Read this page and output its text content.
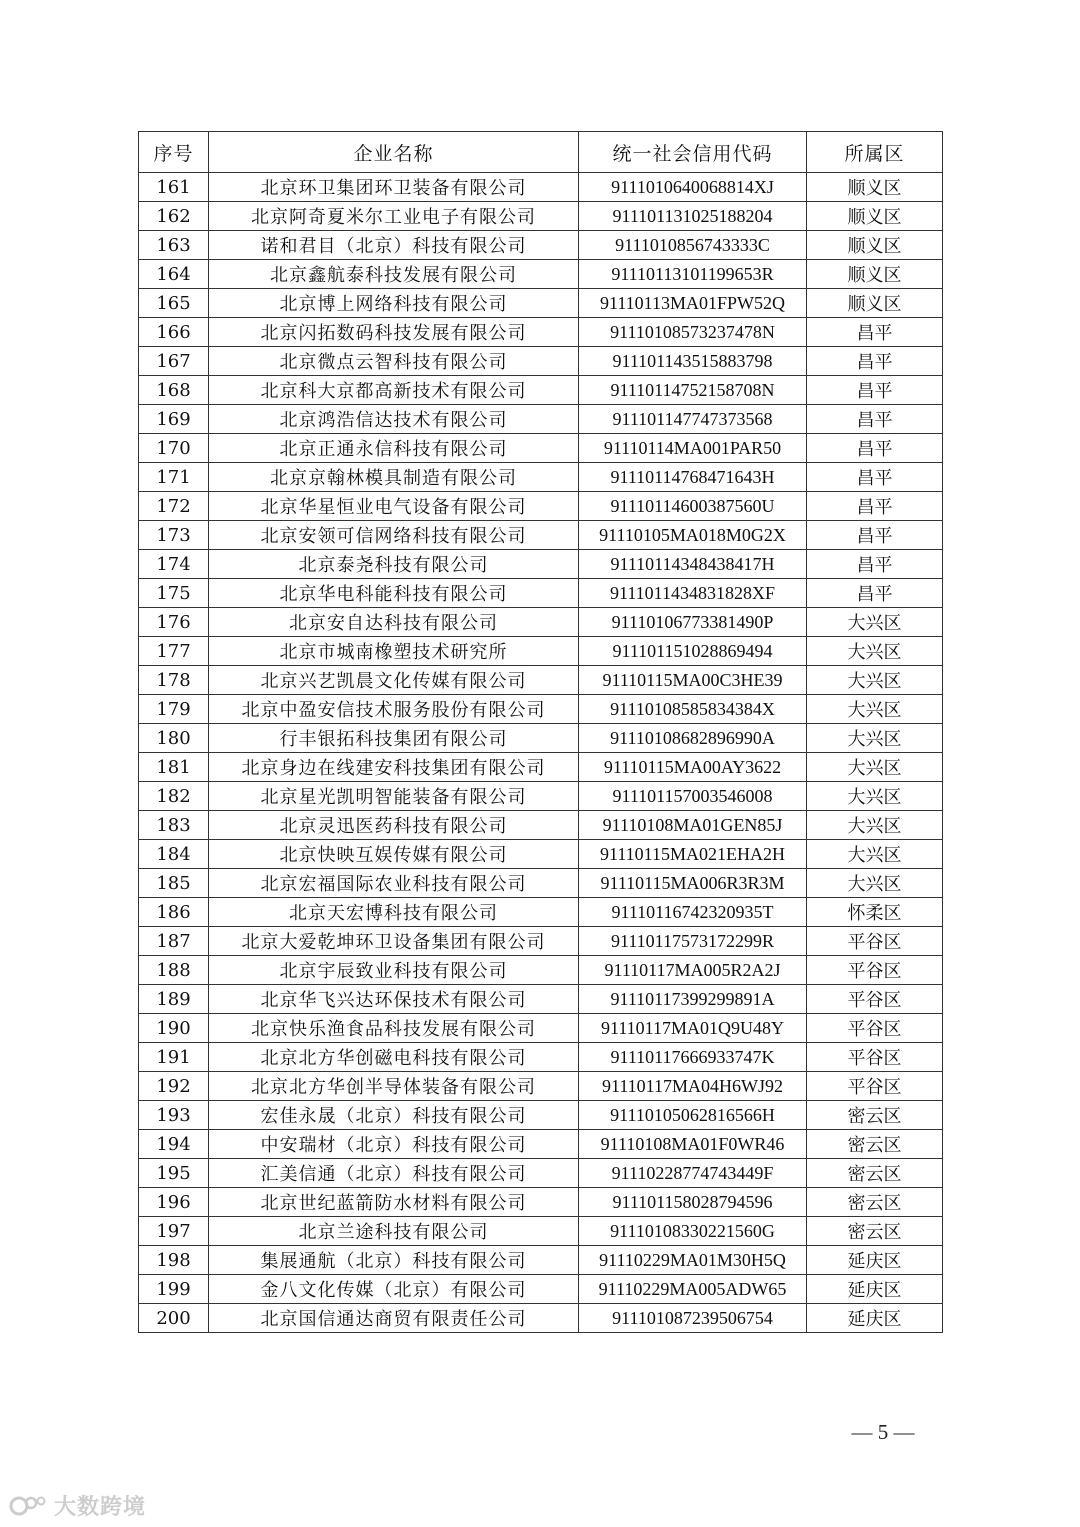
序号	企业名称	统一社会信用代码	所属区
161	北京环卫集团环卫装备有限公司	9111010640068814XJ	顺义区
162	北京阿奇夏米尔工业电子有限公司	911101131025188204	顺义区
163	诺和君目（北京）科技有限公司	9111010856743333C	顺义区
164	北京鑫航泰科技发展有限公司	91110113101199653R	顺义区
165	北京博上网络科技有限公司	91110113MA01FPW52Q	顺义区
166	北京闪拓数码科技发展有限公司	91110108573237478N	昌平
167	北京微点云智科技有限公司	911101143515883798	昌平
168	北京科大京都高新技术有限公司	91110114752158708N	昌平
169	北京鸿浩信达技术有限公司	911101147747373568	昌平
170	北京正通永信科技有限公司	91110114MA001PAR50	昌平
171	北京京翰林模具制造有限公司	91110114768471643H	昌平
172	北京华星恒业电气设备有限公司	91110114600387560U	昌平
173	北京安领可信网络科技有限公司	91110105MA018M0G2X	昌平
174	北京泰尧科技有限公司	91110114348438417H	昌平
175	北京华电科能科技有限公司	9111011434831828XF	昌平
176	北京安自达科技有限公司	91110106773381490P	大兴区
177	北京市城南橡塑技术研究所	911101151028869494	大兴区
178	北京兴艺凯晨文化传媒有限公司	91110115MA00C3HE39	大兴区
179	北京中盈安信技术服务股份有限公司	91110108585834384X	大兴区
180	行丰银拓科技集团有限公司	91110108682896990A	大兴区
181	北京身边在线建安科技集团有限公司	91110115MA00AY3622	大兴区
182	北京星光凯明智能装备有限公司	911101157003546008	大兴区
183	北京灵迅医药科技有限公司	91110108MA01GEN85J	大兴区
184	北京快映互娱传媒有限公司	91110115MA021EHA2H	大兴区
185	北京宏福国际农业科技有限公司	91110115MA006R3R3M	大兴区
186	北京天宏博科技有限公司	91110116742320935T	怀柔区
187	北京大爱乾坤环卫设备集团有限公司	91110117573172299R	平谷区
188	北京宇辰致业科技有限公司	91110117MA005R2A2J	平谷区
189	北京华飞兴达环保技术有限公司	91110117399299891A	平谷区
190	北京快乐渔食品科技发展有限公司	91110117MA01Q9U48Y	平谷区
191	北京北方华创磁电科技有限公司	91110117666933747K	平谷区
192	北京北方华创半导体装备有限公司	91110117MA04H6WJ92	平谷区
193	宏佳永晟（北京）科技有限公司	91110105062816566H	密云区
194	中安瑞材（北京）科技有限公司	91110108MA01F0WR46	密云区
195	汇美信通（北京）科技有限公司	91110228774743449F	密云区
196	北京世纪蓝箭防水材料有限公司	911101158028794596	密云区
197	北京兰途科技有限公司	91110108330221560G	密云区
198	集展通航（北京）科技有限公司	91110229MA01M30H5Q	延庆区
199	金八文化传媒（北京）有限公司	91110229MA005ADW65	延庆区
200	北京国信通达商贸有限责任公司	911101087239506754	延庆区
— 5 —
大数跨境
